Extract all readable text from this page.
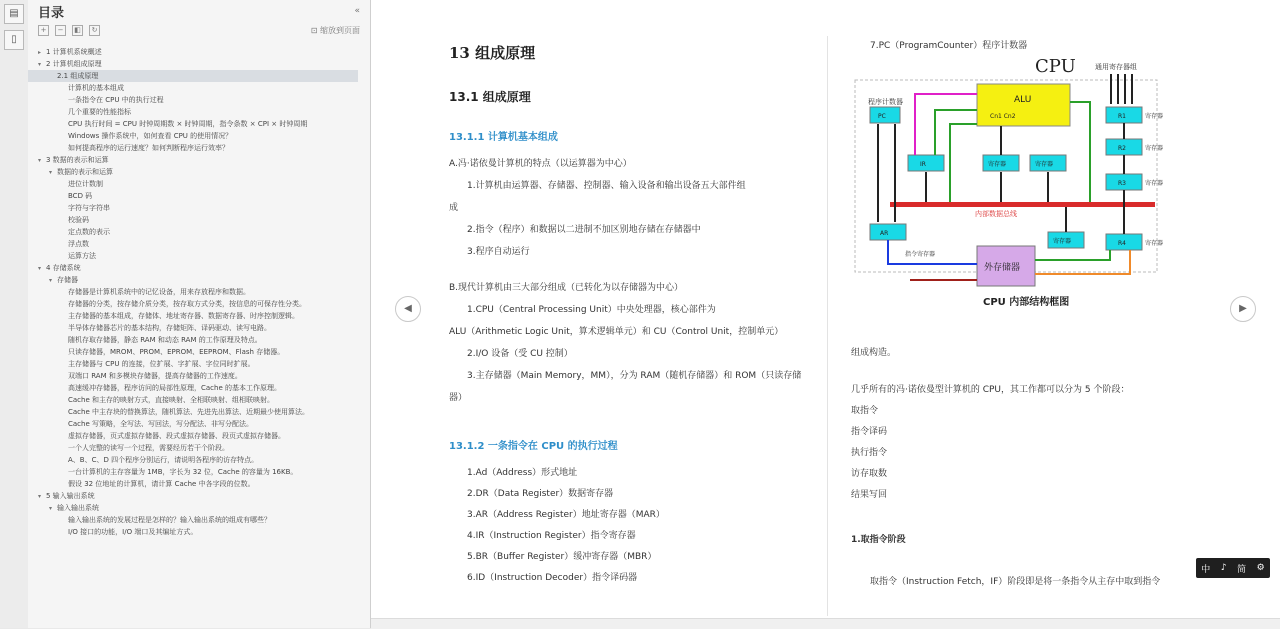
▤
▯
目录	«
+	−	◧	↻	⊡ 缩放到页面
▸ 1 计算机系统概述
▾ 2 计算机组成原理
2.1 组成原理
计算机的基本组成
一条指令在 CPU 中的执行过程
几个重要的性能指标
CPU 执行时间 = CPU 时钟周期数 × 时钟周期，指令条数 × CPI × 时钟周期
Windows 操作系统中，如何查看 CPU 的使用情况？
如何提高程序的运行速度？如何判断程序运行效率？
▾ 3 数据的表示和运算
▾ 数据的表示和运算
进位计数制
BCD 码
字符与字符串
校验码
定点数的表示
浮点数
运算方法
▾ 4 存储系统
▾ 存储器
存储器是计算机系统中的记忆设备，用来存放程序和数据。
存储器的分类，按存储介质分类，按存取方式分类，按信息的可保存性分类。
主存储器的基本组成，存储体、地址寄存器、数据寄存器、时序控制逻辑。
半导体存储器芯片的基本结构，存储矩阵、译码驱动、读写电路。
随机存取存储器，静态 RAM 和动态 RAM 的工作原理及特点。
只读存储器，MROM、PROM、EPROM、EEPROM、Flash 存储器。
主存储器与 CPU 的连接，位扩展、字扩展、字位同时扩展。
双端口 RAM 和多模块存储器，提高存储器的工作速度。
高速缓冲存储器，程序访问的局部性原理，Cache 的基本工作原理。
Cache 和主存的映射方式，直接映射、全相联映射、组相联映射。
Cache 中主存块的替换算法，随机算法、先进先出算法、近期最少使用算法。
Cache 写策略，全写法、写回法，写分配法、非写分配法。
虚拟存储器，页式虚拟存储器、段式虚拟存储器、段页式虚拟存储器。
一个人完整的读写一个过程，需要经历若干个阶段。
A、B、C、D 四个程序分别运行，请说明各程序的访存特点。
一台计算机的主存容量为 1MB，字长为 32 位，Cache 的容量为 16KB。
假设 32 位地址的计算机，请计算 Cache 中各字段的位数。
▾ 5 输入输出系统
▾ 输入输出系统
输入输出系统的发展过程是怎样的？输入输出系统的组成有哪些？
I/O 接口的功能，I/O 端口及其编址方式。
13 组成原理
13.1 组成原理
13.1.1 计算机基本组成
A.冯·诺依曼计算机的特点（以运算器为中心）
1.计算机由运算器、存储器、控制器、输入设备和输出设备五大部件组
成
2.指令（程序）和数据以二进制不加区别地存储在存储器中
3.程序自动运行
B.现代计算机由三大部分组成（已转化为以存储器为中心）
1.CPU（Central Processing Unit）中央处理器，核心部件为
ALU（Arithmetic Logic Unit，算术逻辑单元）和 CU（Control Unit，控制单元）
2.I/O 设备（受 CU 控制）
3.主存储器（Main Memory，MM），分为 RAM（随机存储器）和 ROM（只读存储
器）
13.1.2 一条指令在 CPU 的执行过程
1.Ad（Address）形式地址
2.DR（Data Register）数据寄存器
3.AR（Address Register）地址寄存器（MAR）
4.IR（Instruction Register）指令寄存器
5.BR（Buffer Register）缓冲寄存器（MBR）
6.ID（Instruction Decoder）指令译码器
7.PC（ProgramCounter）程序计数器
CPU	通用寄存器组
程序计数器	ALU
Cn1 Cn2
PC
IR
AR
寄存器	寄存器
寄存器
R1
R2
R3
R4
寄存器
寄存器
寄存器
寄存器
内部数据总线
外存储器
指令寄存器
CPU 内部结构框图
组成构造。
几乎所有的冯·诺依曼型计算机的 CPU，其工作都可以分为 5 个阶段：
取指令
指令译码
执行指令
访存取数
结果写回
1.取指令阶段
取指令（Instruction Fetch，IF）阶段即是将一条指令从主存中取到指令
◀	▶
中 ♪ 简 ⚙
